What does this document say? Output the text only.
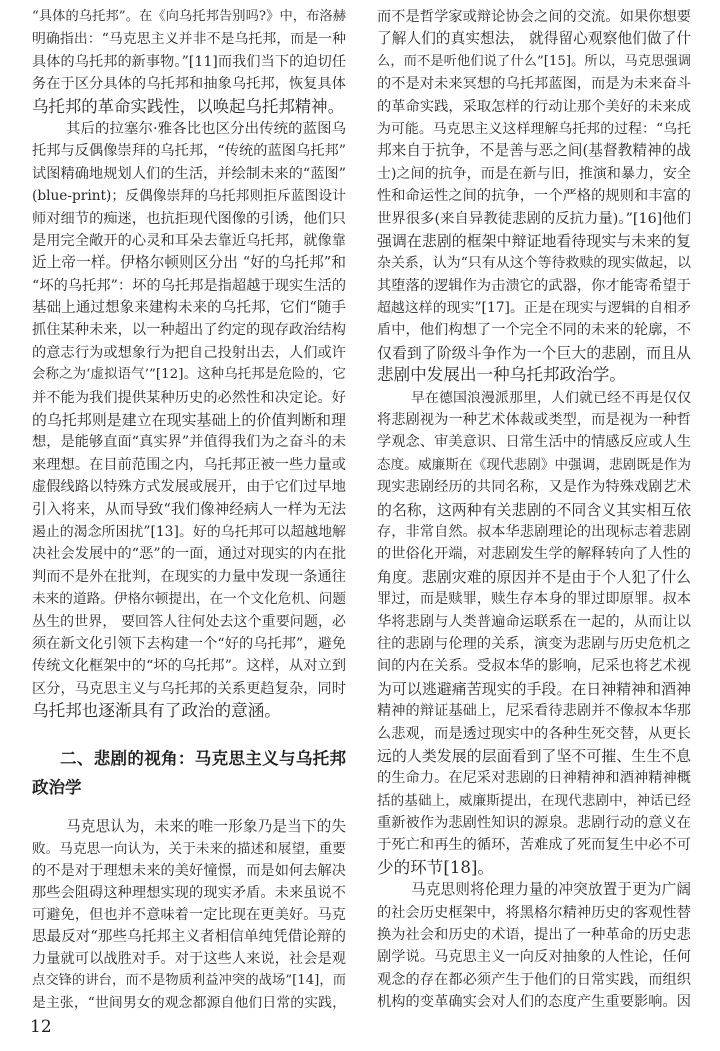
“具体的乌托邦”。在《向乌托邦告别吗?》中，布洛赫
明确指出：“马克思主义并非不是乌托邦，而是一种
具体的乌托邦的新事物。”[11]而我们当下的迫切任
务在于区分具体的乌托邦和抽象乌托邦，恢复具体
乌托邦的革命实践性，以唤起乌托邦精神。
其后的拉塞尔·雅各比也区分出传统的蓝图乌
托邦与反偶像崇拜的乌托邦，“传统的蓝图乌托邦”
试图精确地规划人们的生活，并绘制未来的“蓝图”
(blue-print)；反偶像崇拜的乌托邦则拒斥蓝图设计
师对细节的痴迷，也抗拒现代图像的引诱，他们只
是用完全敞开的心灵和耳朵去靠近乌托邦，就像靠
近上帝一样。伊格尔顿则区分出 “好的乌托邦”和
“坏的乌托邦”：坏的乌托邦是指超越于现实生活的
基础上通过想象来建构未来的乌托邦，它们“随手
抓住某种未来，以一种超出了约定的现存政治结构
的意志行为或想象行为把自己投射出去，人们或许
会称之为‘虚拟语气’”[12]。这种乌托邦是危险的，它
并不能为我们提供某种历史的必然性和决定论。好
的乌托邦则是建立在现实基础上的价值判断和理
想，是能够直面“真实界”并值得我们为之奋斗的未
来理想。在目前范围之内，乌托邦正被一些力量或
虚假线路以特殊方式发展或展开，由于它们过早地
引入将来，从而导致“我们像神经病人一样为无法
遏止的渴念所困扰”[13]。好的乌托邦可以超越地解
决社会发展中的“恶”的一面，通过对现实的内在批
判而不是外在批判，在现实的力量中发现一条通往
未来的道路。伊格尔顿提出，在一个文化危机、问题
丛生的世界， 要回答人往何处去这个重要问题，必
须在新文化引领下去构建一个“好的乌托邦”，避免
传统文化框架中的“坏的乌托邦”。这样，从对立到
区分，马克思主义与乌托邦的关系更趋复杂，同时
乌托邦也逐渐具有了政治的意涵。
二、悲剧的视角：马克思主义与乌托邦
政治学
马克思认为，未来的唯一形象乃是当下的失
败。马克思一向认为，关于未来的描述和展望，重要
的不是对于理想未来的美好憧憬，而是如何去解决
那些会阻碍这种理想实现的现实矛盾。未来虽说不
可避免，但也并不意味着一定比现在更美好。马克
思最反对“那些乌托邦主义者相信单纯凭借论辩的
力量就可以战胜对手。对于这些人来说，社会是观
点交锋的讲台，而不是物质利益冲突的战场”[14]，而
是主张，“世间男女的观念都源自他们日常的实践，
而不是哲学家或辩论协会之间的交流。如果你想要
了解人们的真实想法， 就得留心观察他们做了什
么，而不是听他们说了什么”[15]。所以，马克思强调
的不是对未来冥想的乌托邦蓝图，而是为未来奋斗
的革命实践，采取怎样的行动让那个美好的未来成
为可能。马克思主义这样理解乌托邦的过程：“乌托
邦来自于抗争，不是善与恶之间(基督教精神的战
士)之间的抗争，而是在新与旧，推演和暴力，安全
性和命运性之间的抗争，一个严格的规则和丰富的
世界很多(来自异教徒悲剧的反抗力量)。”[16]他们
强调在悲剧的框架中辩证地看待现实与未来的复
杂关系，认为“只有从这个等待救赎的现实做起，以
其堕落的逻辑作为击溃它的武器，你才能寄希望于
超越这样的现实”[17]。正是在现实与逻辑的自相矛
盾中，他们构想了一个完全不同的未来的轮廓，不
仅看到了阶级斗争作为一个巨大的悲剧，而且从
悲剧中发展出一种乌托邦政治学。
早在德国浪漫派那里，人们就已经不再是仅仅
将悲剧视为一种艺术体裁或类型，而是视为一种哲
学观念、审美意识、日常生活中的情感反应或人生
态度。威廉斯在《现代悲剧》中强调，悲剧既是作为
现实悲剧经历的共同名称，又是作为特殊戏剧艺术
的名称，这两种有关悲剧的不同含义其实相互依
存，非常自然。叔本华悲剧理论的出现标志着悲剧
的世俗化开端，对悲剧发生学的解释转向了人性的
角度。悲剧灾难的原因并不是由于个人犯了什么
罪过，而是赎罪，赎生存本身的罪过即原罪。叔本
华将悲剧与人类普遍命运联系在一起的，从而让以
往的悲剧与伦理的关系，演变为悲剧与历史危机之
间的内在关系。受叔本华的影响，尼采也将艺术视
为可以逃避痛苦现实的手段。在日神精神和酒神
精神的辩证基础上，尼采看待悲剧并不像叔本华那
么悲观，而是透过现实中的各种生死交替，从更长
远的人类发展的层面看到了坚不可摧、生生不息
的生命力。在尼采对悲剧的日神精神和酒神精神概
括的基础上，威廉斯提出，在现代悲剧中，神话已经
重新被作为悲剧性知识的源泉。悲剧行动的意义在
于死亡和再生的循环，苦难成了死而复生中必不可
少的环节[18]。
马克思则将伦理力量的冲突放置于更为广阔
的社会历史框架中，将黑格尔精神历史的客观性替
换为社会和历史的术语，提出了一种革命的历史悲
剧学说。马克思主义一向反对抽象的人性论，任何
观念的存在都必须产生于他们的日常实践，而组织
机构的变革确实会对人们的态度产生重要影响。因
12
